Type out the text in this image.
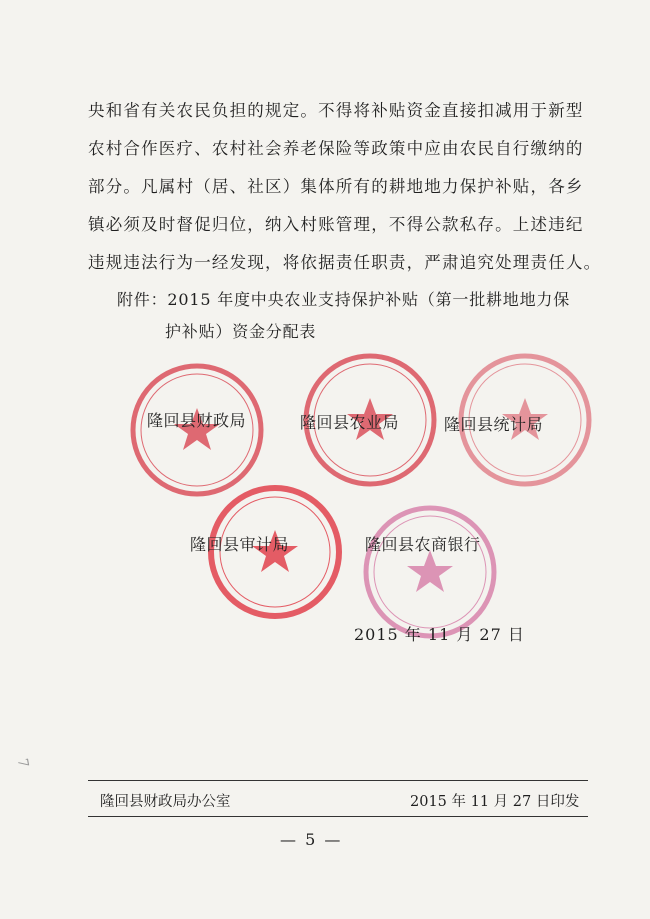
央和省有关农民负担的规定。不得将补贴资金直接扣减用于新型
农村合作医疗、农村社会养老保险等政策中应由农民自行缴纳的
部分。凡属村（居、社区）集体所有的耕地地力保护补贴，各乡
镇必须及时督促归位，纳入村账管理，不得公款私存。上述违纪
违规违法行为一经发现，将依据责任职责，严肃追究处理责任人。
附件：2015 年度中央农业支持保护补贴（第一批耕地地力保
护补贴）资金分配表
隆回县财政局	隆回县农业局	隆回县统计局
隆回县审计局	隆回县农商银行
2015 年 11 月 27 日
7
隆回县财政局办公室	2015 年 11 月 27 日印发
— 5 —
